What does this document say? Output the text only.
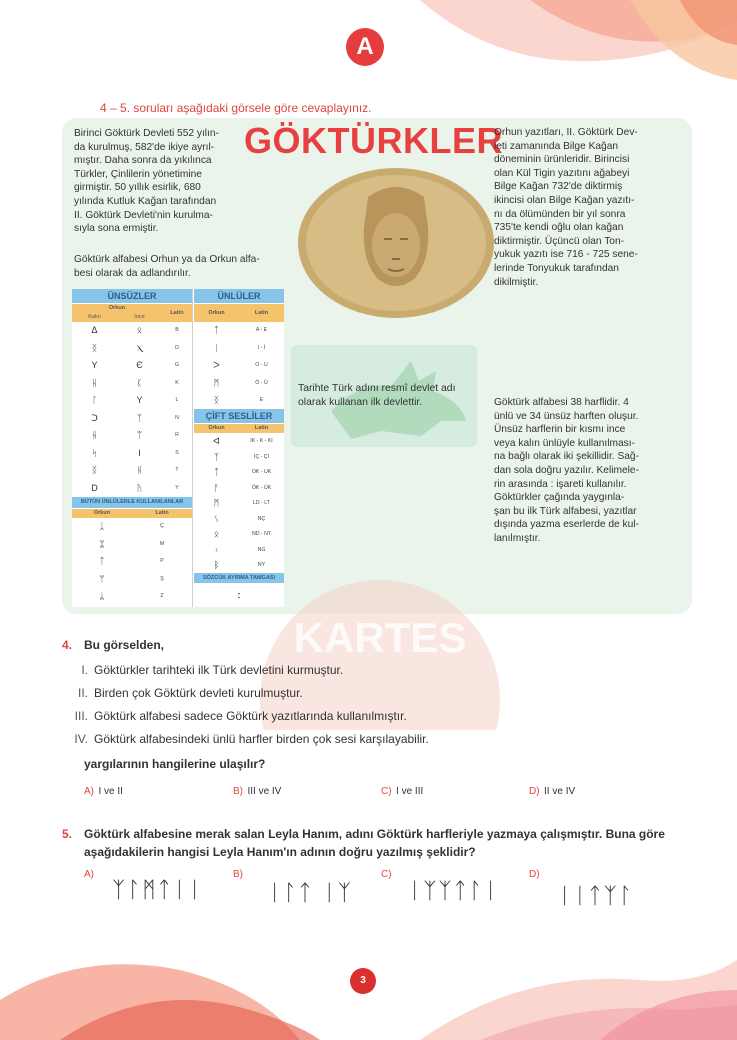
A
4 – 5. soruları aşağıdaki görsele göre cevaplayınız.
KARTES
GÖKTÜRKLER
Birinci Göktürk Devleti 552 yılın-
da kurulmuş, 582'de ikiye ayrıl-
mıştır. Daha sonra da yıkılınca
Türkler, Çinlilerin yönetimine
girmiştir. 50 yıllık esirlik, 680
yılında Kutluk Kağan tarafından
II. Göktürk Devleti'nin kurulma-
sıyla sona ermiştir.
Göktürk alfabesi Orhun ya da Orkun alfa-
besi olarak da adlandırılır.
Tarihte Türk adını resmî devlet adı
olarak kullanan ilk devlettir.
Orhun yazıtları, II. Göktürk Dev-
leti zamanında Bilge Kağan
döneminin ürünleridir. Birincisi
olan Kül Tigin yazıtını ağabeyi
Bilge Kağan 732'de diktirmiş
ikincisi olan Bilge Kağan yazıtı-
nı da ölümünden bir yıl sonra
735'te kendi oğlu olan kağan
diktirmiştir. Üçüncü olan Ton-
yukuk yazıtı ise 716 - 725 sene-
lerinde Tonyukuk tarafından
dikilmiştir.
Göktürk alfabesi 38 harflidir. 4
ünlü ve 34 ünsüz harften oluşur.
Ünsüz harflerin bir kısmı ince
veya kalın ünlüyle kullanılması-
na bağlı olarak iki şekillidir. Sağ-
dan sola doğru yazılır. Kelimele-
rin arasında : işareti kullanılır.
Göktürkler çağında yaygınla-
şan bu ilk Türk alfabesi, yazıtlar
dışında yazma eserlerde de kul-
lanılmıştır.
ÜNSÜZLER	ÜNLÜLER
Orkun
Latin
Kalın	İnce
Orkun	Latin
ᐃ	ᛟ	B
ᛝ	Ⲭ	D
Y	Є	G
ᚺ	ᛕ	K
ᛚ	Y	L
ᑐ	ᛉ	N
ᚺ	ᛠ	R
ᛋ	I	S
ᛝ	ᚺ	T
D	ᚤ	Y
ᛏ	A - E
ᛁ	I - İ
ᐳ	O - U
ᛗ	Ö - Ü
ᛝ	E
ÇİFT SESLİLER
Orkun	Latin
ᐊ	IK - K - KI
ᛉ	İÇ - Çİ
ᛏ	OK - UK
ᚨ	ÖK - ÜK
ᛗ	LD - LT
ᛊ	NÇ
ᛟ	ND - NT
ᚲ	NG
ᛒ	NY
BÜTÜN ÜNLÜLERLE KULLANILANLAR
Orkun	Latin
ᛣ	Ç
ᛯ	M
ᛏ	P
ᛘ	Ş
ᛦ	Z
SÖZCÜK AYIRMA TAMGASI
:
4. Bu görselden,
I. Göktürkler tarihteki ilk Türk devletini kurmuştur.
II. Birden çok Göktürk devleti kurulmuştur.
III. Göktürk alfabesi sadece Göktürk yazıtlarında kullanılmıştır.
IV. Göktürk alfabesindeki ünlü harfler birden çok sesi karşılayabilir.
yargılarının hangilerine ulaşılır?
A) I ve II	B) III ve IV	C) I ve III	D) II ve IV
5. Göktürk alfabesine merak salan Leyla Hanım, adını Göktürk harfleriyle yazmaya çalışmıştır. Buna göre
aşağıdakilerin hangisi Leyla Hanım'ın adının doğru yazılmış şeklidir?
A)
ᛉᛚᛗᛏᛁᛁ
B)
ᛁᛚᛏ ᛁᛉ
C)
ᛁᛉᛉᛏᛚᛁ
D)
ᛁᛁᛏᛉᛚ
3
